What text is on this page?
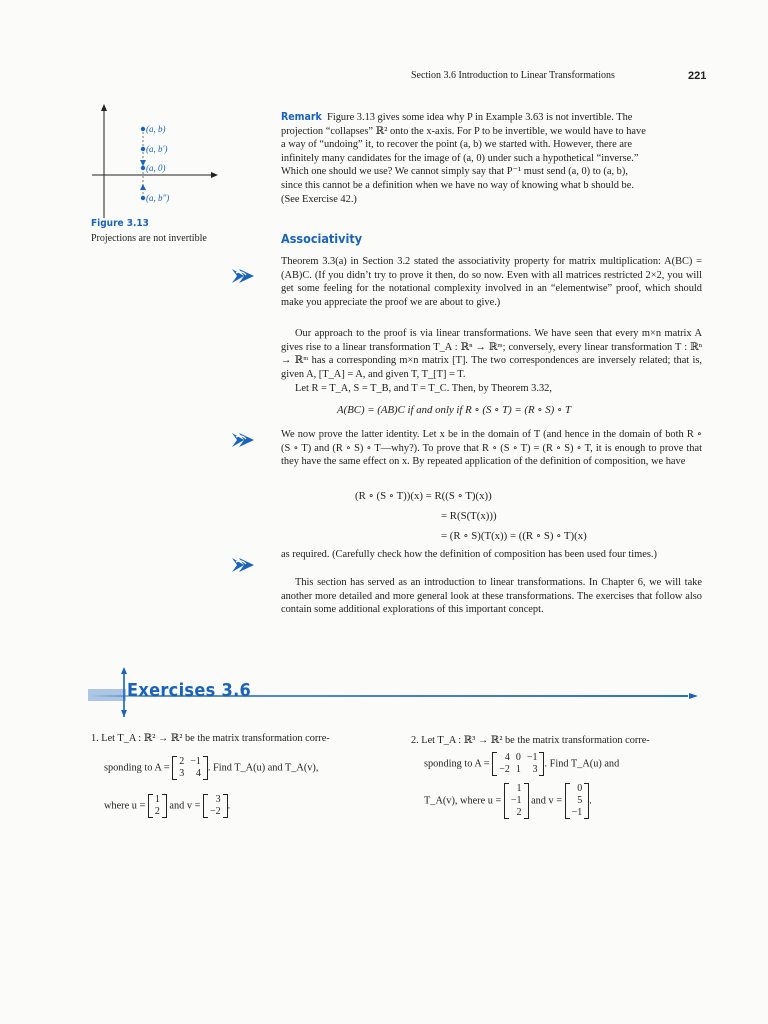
Section 3.6 Introduction to Linear Transformations	221
(a, b)
(a, b′)
(a, 0)
(a, b″)
Figure 3.13
Projections are not invertible

Remark Figure 3.13 gives some idea why P in Example 3.63 is not invertible. The

projection “collapses” ℝ² onto the x-axis. For P to be invertible, we would have to have

a way of “undoing” it, to recover the point (a, b) we started with. However, there are

infinitely many candidates for the image of (a, 0) under such a hypothetical “inverse.”

Which one should we use? We cannot simply say that P⁻¹ must send (a, 0) to (a, b),

since this cannot be a definition when we have no way of knowing what b should be.

(See Exercise 42.)

Associativity

Theorem 3.3(a) in Section 3.2 stated the associativity property for matrix multiplication: A(BC) = (AB)C. (If you didn’t try to prove it then, do so now. Even with all matrices restricted 2×2, you will get some feeling for the notational complexity involved in an “elementwise” proof, which should make you appreciate the proof we are about to give.)

Our approach to the proof is via linear transformations. We have seen that every m×n matrix A gives rise to a linear transformation T_A : ℝⁿ → ℝᵐ; conversely, every linear transformation T : ℝⁿ → ℝᵐ has a corresponding m×n matrix [T]. The two correspondences are inversely related; that is, given A, [T_A] = A, and given T, T_[T] = T.

Let R = T_A, S = T_B, and T = T_C. Then, by Theorem 3.32,

A(BC) = (AB)C if and only if R ∘ (S ∘ T) = (R ∘ S) ∘ T

We now prove the latter identity. Let x be in the domain of T (and hence in the domain of both R ∘ (S ∘ T) and (R ∘ S) ∘ T—why?). To prove that R ∘ (S ∘ T) = (R ∘ S) ∘ T, it is enough to prove that they have the same effect on x. By repeated application of the definition of composition, we have

(R ∘ (S ∘ T))(x) = R((S ∘ T)(x))
= R(S(T(x)))
= (R ∘ S)(T(x)) = ((R ∘ S) ∘ T)(x)

as required. (Carefully check how the definition of composition has been used four times.)

This section has served as an introduction to linear transformations. In Chapter 6, we will take another more detailed and more general look at these transformations. The exercises that follow also contain some additional explorations of this important concept.

Exercises 3.6
1. Let T_A : ℝ² → ℝ² be the matrix transformation corre-
sponding to A =
2	−1
3	4
. Find T_A(u) and T_A(v),
where u =
1
2
and v =
3
−2
.
2. Let T_A : ℝ³ → ℝ² be the matrix transformation corre-
sponding to A =
4	0	−1
−2	1	3
. Find T_A(u) and
T_A(v), where u =
1
−1
2
and v =
0
5
−1
.
